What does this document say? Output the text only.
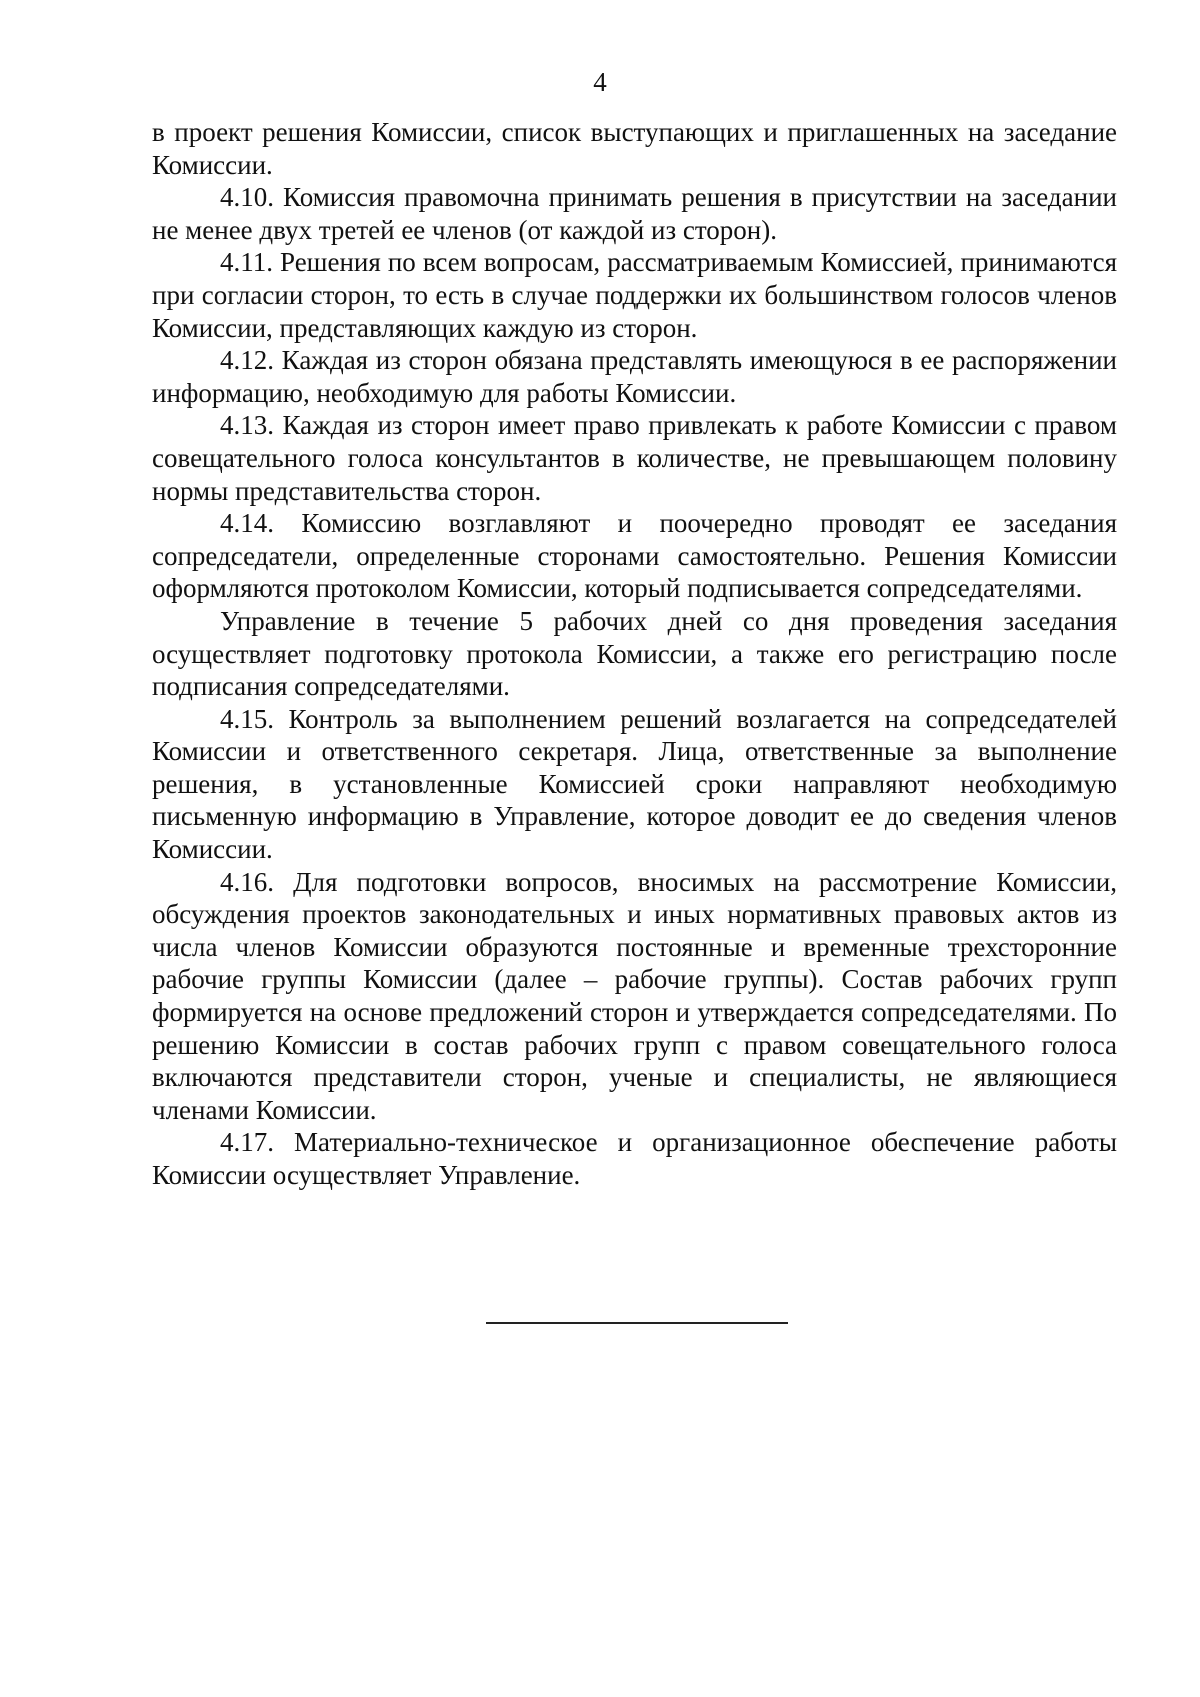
4

в проект решения Комиссии, список выступающих и приглашенных на заседание Комиссии.

4.10. Комиссия правомочна принимать решения в присутствии на заседании не менее двух третей ее членов (от каждой из сторон).

4.11. Решения по всем вопросам, рассматриваемым Комиссией, принимаются при согласии сторон, то есть в случае поддержки их большинством голосов членов Комиссии, представляющих каждую из сторон.

4.12. Каждая из сторон обязана представлять имеющуюся в ее распоряжении информацию, необходимую для работы Комиссии.

4.13. Каждая из сторон имеет право привлекать к работе Комиссии с правом совещательного голоса консультантов в количестве, не превышающем половину нормы представительства сторон.

4.14. Комиссию возглавляют и поочередно проводят ее заседания сопредседатели, определенные сторонами самостоятельно. Решения Комиссии оформляются протоколом Комиссии, который подписывается сопредседателями.

Управление в течение 5 рабочих дней со дня проведения заседания осуществляет подготовку протокола Комиссии, а также его регистрацию после подписания сопредседателями.

4.15. Контроль за выполнением решений возлагается на сопредседателей Комиссии и ответственного секретаря. Лица, ответственные за выполнение решения, в установленные Комиссией сроки направляют необходимую письменную информацию в Управление, которое доводит ее до сведения членов Комиссии.

4.16. Для подготовки вопросов, вносимых на рассмотрение Комиссии, обсуждения проектов законодательных и иных нормативных правовых актов из числа членов Комиссии образуются постоянные и временные трехсторонние рабочие группы Комиссии (далее – рабочие группы). Состав рабочих групп формируется на основе предложений сторон и утверждается сопредседателями. По решению Комиссии в состав рабочих групп с правом совещательного голоса включаются представители сторон, ученые и специалисты, не являющиеся членами Комиссии.

4.17. Материально-техническое и организационное обеспечение работы Комиссии осуществляет Управление.
